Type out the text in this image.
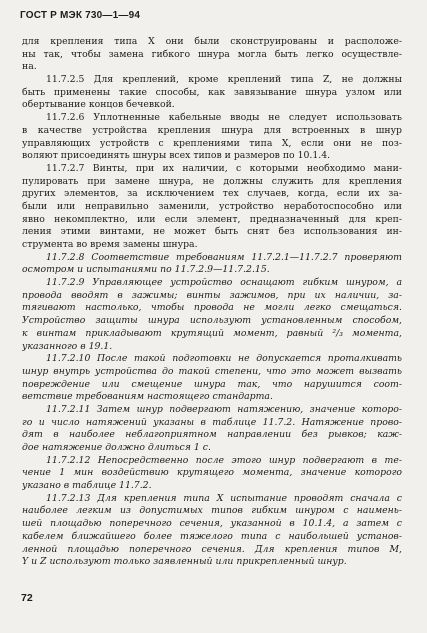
ГОСТ Р МЭК 730—1—94
для крепления типа X они были сконструированы и расположе-
ны так, чтобы замена гибкого шнура могла быть легко осуществле-
на.
11.7.2.5 Для креплений, кроме креплений типа Z, не должны
быть применены такие способы, как завязывание шнура узлом или
обертывание концов бечевкой.
11.7.2.6 Уплотненные кабельные вводы не следует использовать
в качестве устройства крепления шнура для встроенных в шнур
управляющих устройств с креплениями типа X, если они не поз-
воляют присоединять шнуры всех типов и размеров по 10.1.4.
11.7.2.7 Винты, при их наличии, с которыми необходимо мани-
пулировать при замене шнура, не должны служить для крепления
других элементов, за исключением тех случаев, когда, если их за-
были или неправильно заменили, устройство неработоспособно или
явно некомплектно, или если элемент, предназначенный для креп-
ления этими винтами, не может быть снят без использования ин-
струмента во время замены шнура.
11.7.2.8 Соответствие требованиям 11.7.2.1—11.7.2.7 проверяют
осмотром и испытаниями по 11.7.2.9—11.7.2.15.
11.7.2.9 Управляющее устройство оснащают гибким шнуром, а
провода вводят в зажимы; винты зажимов, при их наличии, за-
тягивают настолько, чтобы провода не могли легко смещаться.
Устройство защиты шнура используют установленным способом,
к винтам прикладывают крутящий момент, равный ²/₃ момента,
указанного в 19.1.
11.7.2.10 После такой подготовки не допускается проталкивать
шнур внутрь устройства до такой степени, что это может вызвать
повреждение или смещение шнура так, что нарушится соот-
ветствие требованиям настоящего стандарта.
11.7.2.11 Затем шнур подвергают натяжению, значение которо-
го и число натяжений указаны в таблице 11.7.2. Натяжение прово-
дят в наиболее неблагоприятном направлении без рывков; каж-
дое натяжение должно длиться 1 с.
11.7.2.12 Непосредственно после этого шнур подвергают в те-
чение 1 мин воздействию крутящего момента, значение которого
указано в таблице 11.7.2.
11.7.2.13 Для крепления типа X испытание проводят сначала с
наиболее легким из допустимых типов гибким шнуром с наимень-
шей площадью поперечного сечения, указанной в 10.1.4, а затем с
кабелем ближайшего более тяжелого типа с наибольшей установ-
ленной площадью поперечного сечения. Для крепления типов M,
Y и Z используют только заявленный или прикрепленный шнур.
72
